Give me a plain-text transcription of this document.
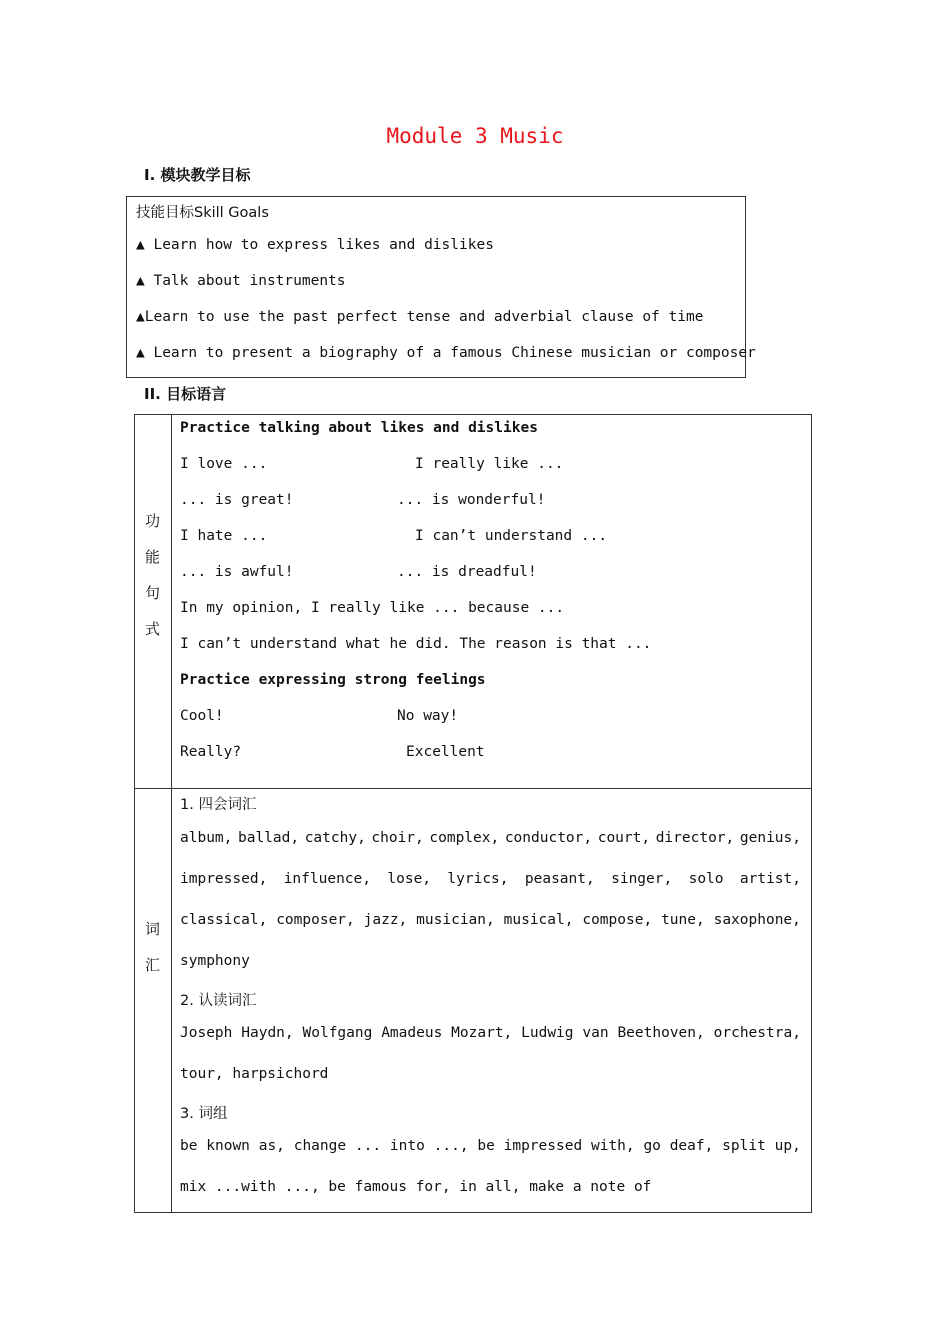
Module 3 Music
I. 模块教学目标
技能目标Skill Goals
▲ Learn how to express likes and dislikes
▲ Talk about instruments
▲Learn to use the past perfect tense and adverbial clause of time
▲ Learn to present a biography of a famous Chinese musician or composer
II. 目标语言
功
能
句
式
Practice talking about likes and dislikes
I love ...	I really like ...
... is great!	... is wonderful!
I hate ...	I can’t understand ...
... is awful!	... is dreadful!
In my opinion, I really like ... because ...
I can’t understand what he did. The reason is that ...
Practice expressing strong feelings
Cool!	No way!
Really?	Excellent
词
汇
1. 四会词汇
album, ballad, catchy, choir, complex, conductor, court, director, genius,
impressed, influence, lose, lyrics, peasant, singer, solo artist,
classical, composer, jazz, musician, musical, compose, tune, saxophone,
symphony
2. 认读词汇
Joseph Haydn, Wolfgang Amadeus Mozart, Ludwig van Beethoven, orchestra,
tour, harpsichord
3. 词组
be known as, change ... into ..., be impressed with, go deaf, split up,
mix ...with ..., be famous for, in all, make a note of
